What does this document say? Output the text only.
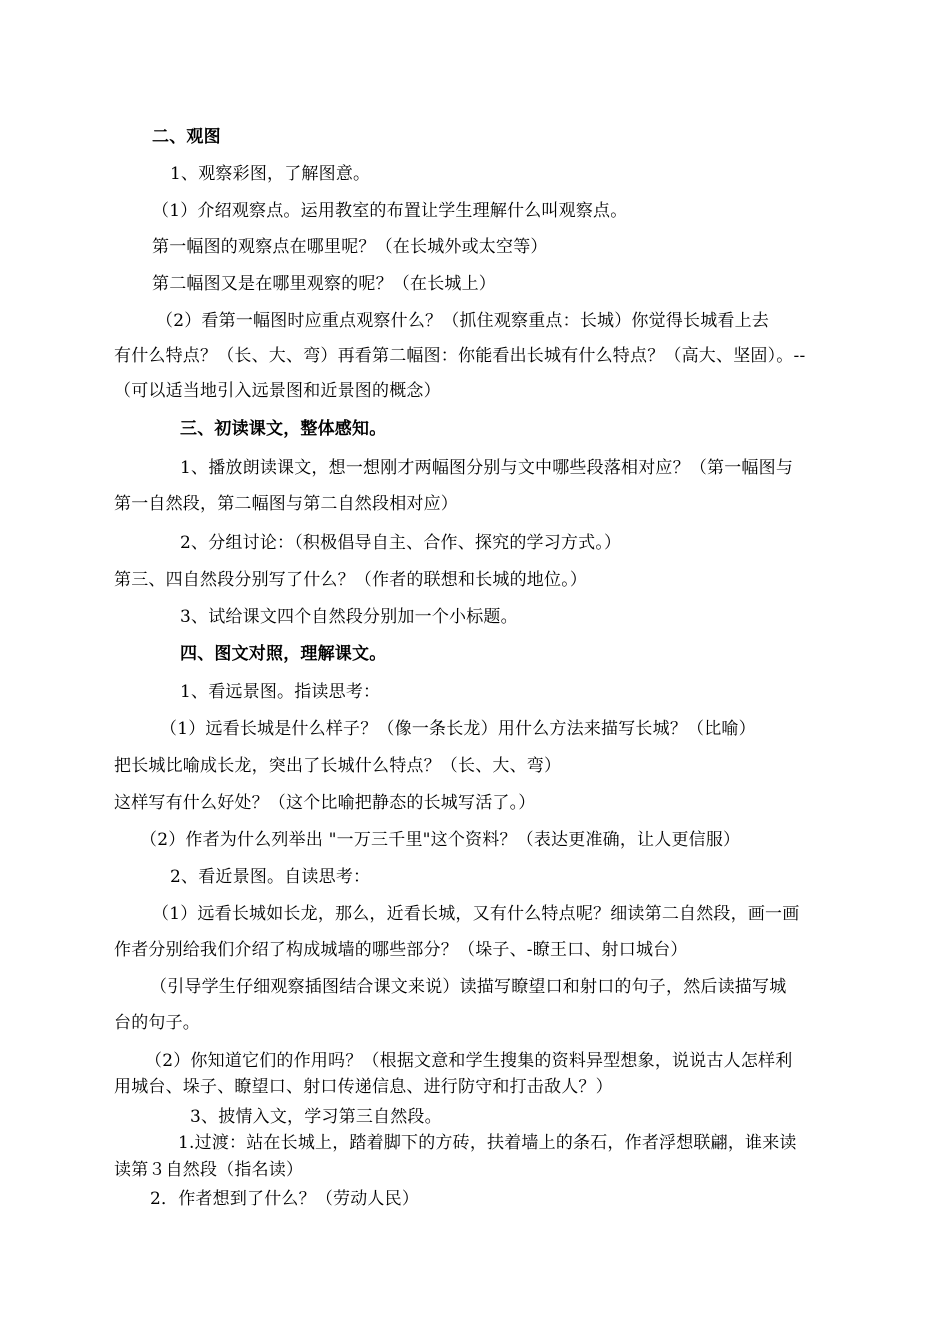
二、观图
1、观察彩图，了解图意。
（1）介绍观察点。运用教室的布置让学生理解什么叫观察点。
第一幅图的观察点在哪里呢？（在长城外或太空等）
第二幅图又是在哪里观察的呢？（在长城上）
（2）看第一幅图时应重点观察什么？（抓住观察重点：长城）你觉得长城看上去
有什么特点？（长、大、弯）再看第二幅图：你能看出长城有什么特点？（高大、坚固）。--
（可以适当地引入远景图和近景图的概念）
三、初读课文，整体感知。
1、播放朗读课文，想一想刚才两幅图分别与文中哪些段落相对应？（第一幅图与
第一自然段，第二幅图与第二自然段相对应）
2、分组讨论：（积极倡导自主、合作、探究的学习方式。）
第三、四自然段分别写了什么？（作者的联想和长城的地位。）
3、试给课文四个自然段分别加一个小标题。
四、图文对照，理解课文。
1、看远景图。指读思考：
（1）远看长城是什么样子？（像一条长龙）用什么方法来描写长城？（比喻）
把长城比喻成长龙，突出了长城什么特点？（长、大、弯）
这样写有什么好处？（这个比喻把静态的长城写活了。）
（2）作者为什么列举出 "一万三千里"这个资料？（表达更准确，让人更信服）
2、看近景图。自读思考：
（1）远看长城如长龙，那么，近看长城，又有什么特点呢？细读第二自然段，画一画
作者分别给我们介绍了构成城墙的哪些部分？（垛子、-瞭王口、射口城台）
（引导学生仔细观察插图结合课文来说）读描写瞭望口和射口的句子，然后读描写城
台的句子。
（2）你知道它们的作用吗？（根据文意和学生搜集的资料异型想象，说说古人怎样利
用城台、垛子、瞭望口、射口传递信息、进行防守和打击敌人？）
3、披情入文，学习第三自然段。
1.过渡：站在长城上，踏着脚下的方砖，扶着墙上的条石，作者浮想联翩，谁来读
读第３自然段（指名读）
2．作者想到了什么？（劳动人民）
